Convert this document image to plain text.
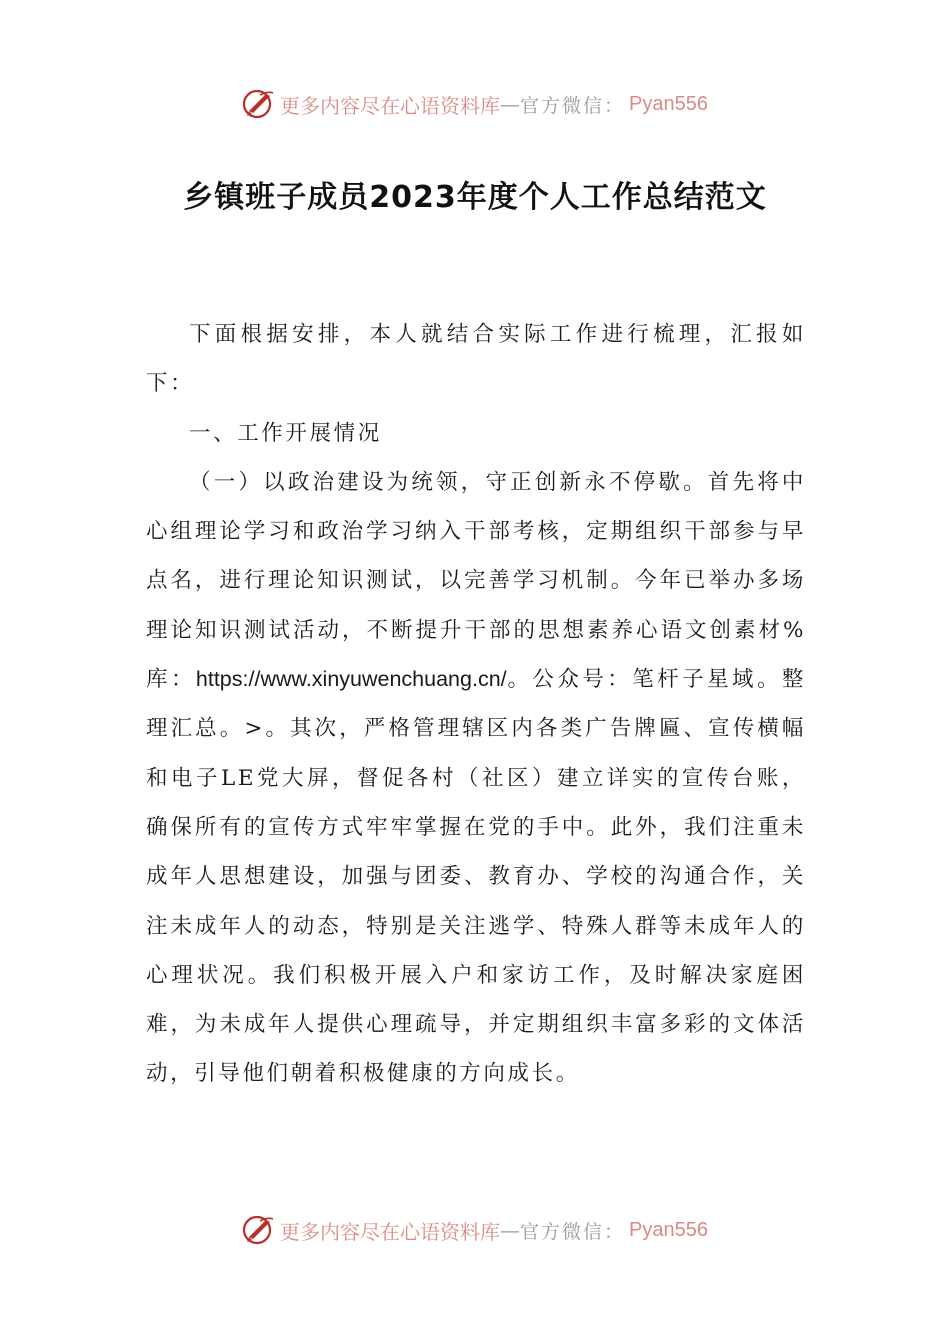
更多内容尽在心语资料库 — 官方微信： Pyan556
乡镇班子成员2023年度个人工作总结范文

下面根据安排，本人就结合实际工作进行梳理，汇报如下：

一、工作开展情况

（一）以政治建设为统领，守正创新永不停歇。首先将中心组理论学习和政治学习纳入干部考核，定期组织干部参与早点名，进行理论知识测试，以完善学习机制。今年已举办多场理论知识测试活动，不断提升干部的思想素养心语文创素材%库：https://www.xinyuwenchuang.cn/。公众号：笔杆子星域。整理汇总。>。其次，严格管理辖区内各类广告牌匾、宣传横幅和电子LE党大屏，督促各村（社区）建立详实的宣传台账，确保所有的宣传方式牢牢掌握在党的手中。此外，我们注重未成年人思想建设，加强与团委、教育办、学校的沟通合作，关注未成年人的动态，特别是关注逃学、特殊人群等未成年人的心理状况。我们积极开展入户和家访工作，及时解决家庭困难，为未成年人提供心理疏导，并定期组织丰富多彩的文体活动，引导他们朝着积极健康的方向成长。

更多内容尽在心语资料库 — 官方微信： Pyan556
